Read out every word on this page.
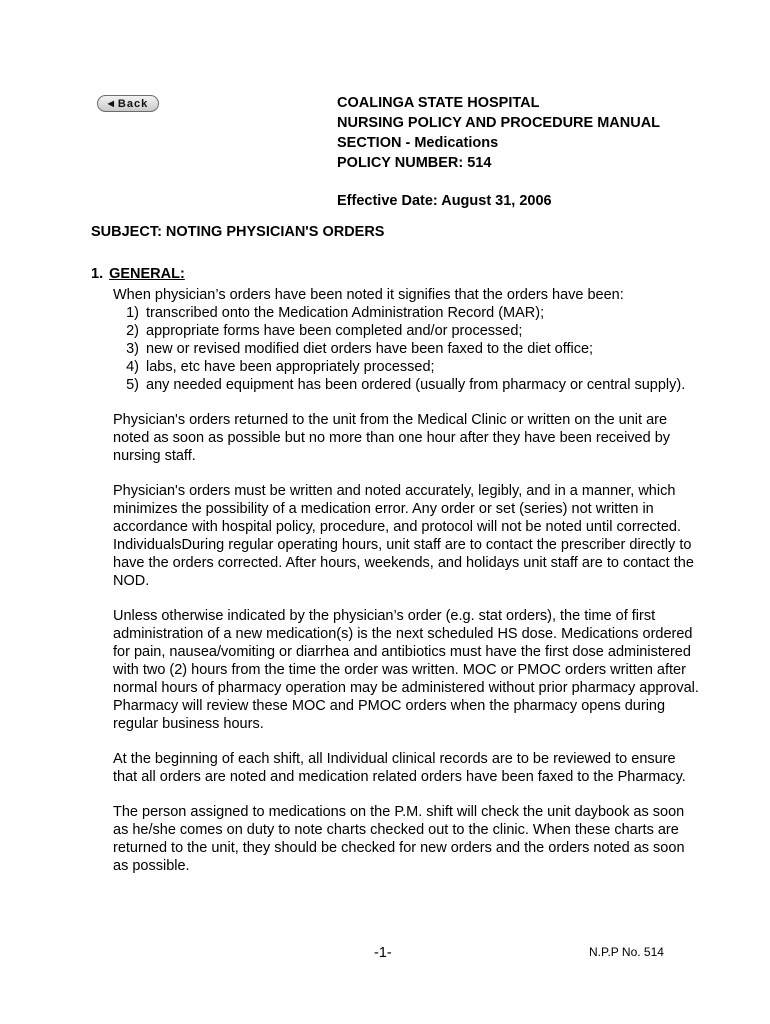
◀ Back	COALINGA STATE HOSPITAL
NURSING POLICY AND PROCEDURE MANUAL
SECTION - Medications
POLICY NUMBER: 514
Effective Date: August 31, 2006
SUBJECT: NOTING PHYSICIAN'S ORDERS
1. GENERAL:
When physician’s orders have been noted it signifies that the orders have been:
1) transcribed onto the Medication Administration Record (MAR);
2) appropriate forms have been completed and/or processed;
3) new or revised modified diet orders have been faxed to the diet office;
4) labs, etc have been appropriately processed;
5) any needed equipment has been ordered (usually from pharmacy or central supply).

Physician's orders returned to the unit from the Medical Clinic or written on the unit are noted as soon as possible but no more than one hour after they have been received by nursing staff.

Physician's orders must be written and noted accurately, legibly, and in a manner, which minimizes the possibility of a medication error. Any order or set (series) not written in accordance with hospital policy, procedure, and protocol will not be noted until corrected. IndividualsDuring regular operating hours, unit staff are to contact the prescriber directly to have the orders corrected. After hours, weekends, and holidays unit staff are to contact the NOD.

Unless otherwise indicated by the physician’s order (e.g. stat orders), the time of first administration of a new medication(s) is the next scheduled HS dose. Medications ordered for pain, nausea/vomiting or diarrhea and antibiotics must have the first dose administered with two (2) hours from the time the order was written. MOC or PMOC orders written after normal hours of pharmacy operation may be administered without prior pharmacy approval. Pharmacy will review these MOC and PMOC orders when the pharmacy opens during regular business hours.

At the beginning of each shift, all Individual clinical records are to be reviewed to ensure that all orders are noted and medication related orders have been faxed to the Pharmacy.

The person assigned to medications on the P.M. shift will check the unit daybook as soon as he/she comes on duty to note charts checked out to the clinic. When these charts are returned to the unit, they should be checked for new orders and the orders noted as soon as possible.

-1-	N.P.P No. 514
